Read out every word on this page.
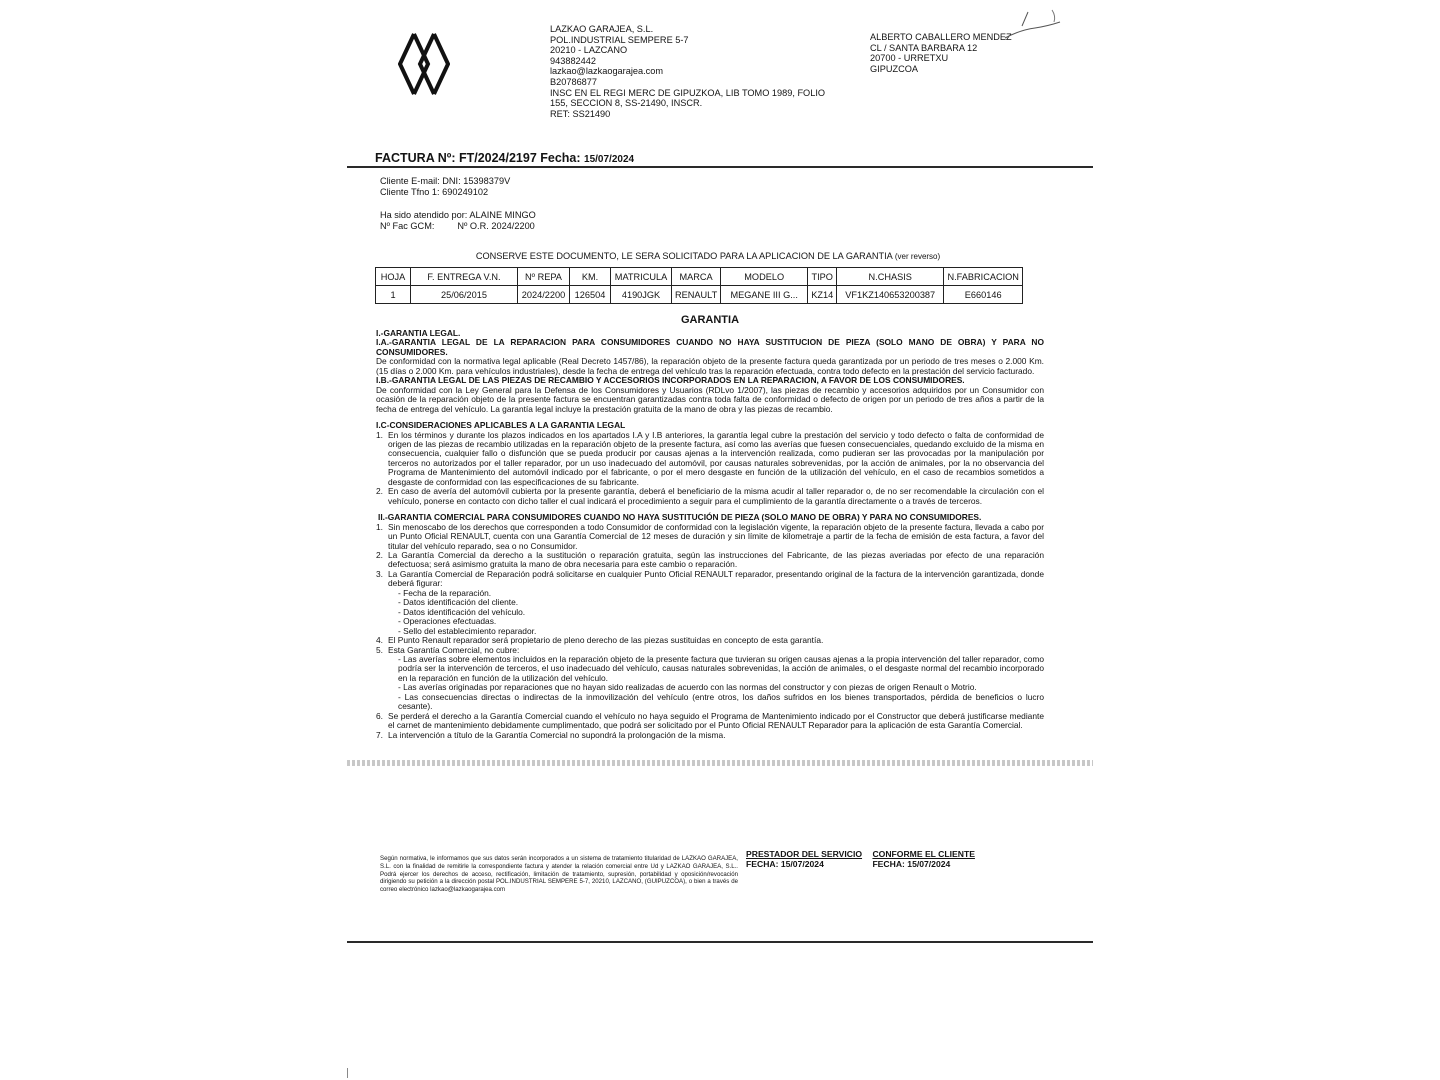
LAZKAO GARAJEA, S.L.
POL.INDUSTRIAL SEMPERE 5-7
20210 - LAZCANO
943882442
lazkao@lazkaogarajea.com
B20786877
INSC EN EL REGI MERC DE GIPUZKOA, LIB TOMO 1989, FOLIO
155, SECCION 8, SS-21490, INSCR.
RET: SS21490
ALBERTO CABALLERO MENDEZ
CL / SANTA BARBARA 12
20700 - URRETXU
GIPUZCOA
FACTURA Nº: FT/2024/2197 Fecha: 15/07/2024
Cliente E-mail: DNI: 15398379V
Cliente Tfno 1: 690249102
Ha sido atendido por: ALAINE MINGO
Nº Fac GCM:         Nº O.R. 2024/2200
CONSERVE ESTE DOCUMENTO, LE SERA SOLICITADO PARA LA APLICACION DE LA GARANTIA (ver reverso)
HOJA	F. ENTREGA V.N.	Nº REPA	KM.	MATRICULA	MARCA	MODELO	TIPO	N.CHASIS	N.FABRICACION
1	25/06/2015	2024/2200	126504	4190JGK	RENAULT	MEGANE III G...	KZ14	VF1KZ140653200387	E660146

GARANTIA

I.-GARANTIA LEGAL.

I.A.-GARANTIA LEGAL DE LA REPARACION PARA CONSUMIDORES CUANDO NO HAYA SUSTITUCION DE PIEZA (SOLO MANO DE OBRA) Y PARA NO CONSUMIDORES.

De conformidad con la normativa legal aplicable (Real Decreto 1457/86), la reparación objeto de la presente factura queda garantizada por un periodo de tres meses o 2.000 Km. (15 días o 2.000 Km. para vehículos industriales), desde la fecha de entrega del vehículo tras la reparación efectuada, contra todo defecto en la prestación del servicio facturado.

I.B.-GARANTIA LEGAL DE LAS PIEZAS DE RECAMBIO Y ACCESORIOS INCORPORADOS EN LA REPARACION, A FAVOR DE LOS CONSUMIDORES.

De conformidad con la Ley General para la Defensa de los Consumidores y Usuarios (RDLvo 1/2007), las piezas de recambio y accesorios adquiridos por un Consumidor con ocasión de la reparación objeto de la presente factura se encuentran garantizadas contra toda falta de conformidad o defecto de origen por un periodo de tres años a partir de la fecha de entrega del vehículo. La garantía legal incluye la prestación gratuita de la mano de obra y las piezas de recambio.

I.C-CONSIDERACIONES APLICABLES A LA GARANTIA LEGAL

1. En los términos y durante los plazos indicados en los apartados I.A y I.B anteriores, la garantía legal cubre la prestación del servicio y todo defecto o falta de conformidad de origen de las piezas de recambio utilizadas en la reparación objeto de la presente factura, así como las averías que fuesen consecuenciales, quedando excluido de la misma en consecuencia, cualquier fallo o disfunción que se pueda producir por causas ajenas a la intervención realizada, como pudieran ser las provocadas por la manipulación por terceros no autorizados por el taller reparador, por un uso inadecuado del automóvil, por causas naturales sobrevenidas, por la acción de animales, por la no observancia del Programa de Mantenimiento del automóvil indicado por el fabricante, o por el mero desgaste en función de la utilización del vehículo, en el caso de recambios sometidos a desgaste de conformidad con las especificaciones de su fabricante.
2. En caso de avería del automóvil cubierta por la presente garantía, deberá el beneficiario de la misma acudir al taller reparador o, de no ser recomendable la circulación con el vehículo, ponerse en contacto con dicho taller el cual indicará el procedimiento a seguir para el cumplimiento de la garantía directamente o a través de terceros.

II.-GARANTIA COMERCIAL PARA CONSUMIDORES CUANDO NO HAYA SUSTITUCIÓN DE PIEZA (SOLO MANO DE OBRA) Y PARA NO CONSUMIDORES.

1. Sin menoscabo de los derechos que corresponden a todo Consumidor de conformidad con la legislación vigente, la reparación objeto de la presente factura, llevada a cabo por un Punto Oficial RENAULT, cuenta con una Garantía Comercial de 12 meses de duración y sin límite de kilometraje a partir de la fecha de emisión de esta factura, a favor del titular del vehículo reparado, sea o no Consumidor.
2. La Garantía Comercial da derecho a la sustitución o reparación gratuita, según las instrucciones del Fabricante, de las piezas averiadas por efecto de una reparación defectuosa; será asimismo gratuita la mano de obra necesaria para este cambio o reparación.
3. La Garantía Comercial de Reparación podrá solicitarse en cualquier Punto Oficial RENAULT reparador, presentando original de la factura de la intervención garantizada, donde deberá figurar:
- Fecha de la reparación.
- Datos identificación del cliente.
- Datos identificación del vehículo.
- Operaciones efectuadas.
- Sello del establecimiento reparador.
4. El Punto Renault reparador será propietario de pleno derecho de las piezas sustituidas en concepto de esta garantía.
5. Esta Garantía Comercial, no cubre:
- Las averías sobre elementos incluidos en la reparación objeto de la presente factura que tuvieran su origen causas ajenas a la propia intervención del taller reparador, como podría ser la intervención de terceros, el uso inadecuado del vehículo, causas naturales sobrevenidas, la acción de animales, o el desgaste normal del recambio incorporado en la reparación en función de la utilización del vehículo.
- Las averías originadas por reparaciones que no hayan sido realizadas de acuerdo con las normas del constructor y con piezas de origen Renault o Motrio.
- Las consecuencias directas o indirectas de la inmovilización del vehículo (entre otros, los daños sufridos en los bienes transportados, pérdida de beneficios o lucro cesante).
6. Se perderá el derecho a la Garantía Comercial cuando el vehículo no haya seguido el Programa de Mantenimiento indicado por el Constructor que deberá justificarse mediante el carnet de mantenimiento debidamente cumplimentado, que podrá ser solicitado por el Punto Oficial RENAULT Reparador para la aplicación de esta Garantía Comercial.
7. La intervención a título de la Garantía Comercial no supondrá la prolongación de la misma.
Según normativa, le informamos que sus datos serán incorporados a un sistema de tratamiento titularidad de LAZKAO GARAJEA, S.L. con la finalidad de remitirle la correspondiente factura y atender la relación comercial entre Ud y LAZKAO GARAJEA, S.L.. Podrá ejercer los derechos de acceso, rectificación, limitación de tratamiento, supresión, portabilidad y oposición/revocación dirigiendo su petición a la dirección postal POL.INDUSTRIAL SEMPERE 5-7, 20210, LAZCANO, (GUIPUZCOA), o bien a través de correo electrónico lazkao@lazkaogarajea.com
PRESTADOR DEL SERVICIO
FECHA: 15/07/2024

CONFORME EL CLIENTE
FECHA: 15/07/2024
